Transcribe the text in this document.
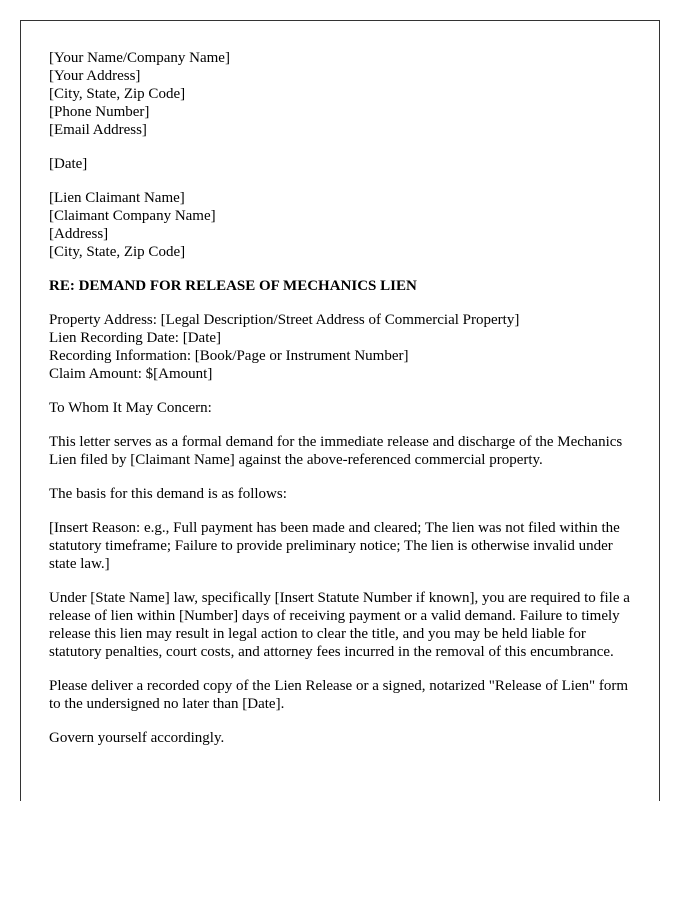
[Your Name/Company Name]
[Your Address]
[City, State, Zip Code]
[Phone Number]
[Email Address]
[Date]
[Lien Claimant Name]
[Claimant Company Name]
[Address]
[City, State, Zip Code]
RE: DEMAND FOR RELEASE OF MECHANICS LIEN
Property Address: [Legal Description/Street Address of Commercial Property]
Lien Recording Date: [Date]
Recording Information: [Book/Page or Instrument Number]
Claim Amount: $[Amount]

To Whom It May Concern:

This letter serves as a formal demand for the immediate release and discharge of the Mechanics Lien filed by [Claimant Name] against the above-referenced commercial property.

The basis for this demand is as follows:

[Insert Reason: e.g., Full payment has been made and cleared; The lien was not filed within the statutory timeframe; Failure to provide preliminary notice; The lien is otherwise invalid under state law.]

Under [State Name] law, specifically [Insert Statute Number if known], you are required to file a release of lien within [Number] days of receiving payment or a valid demand. Failure to timely release this lien may result in legal action to clear the title, and you may be held liable for statutory penalties, court costs, and attorney fees incurred in the removal of this encumbrance.

Please deliver a recorded copy of the Lien Release or a signed, notarized "Release of Lien" form to the undersigned no later than [Date].

Govern yourself accordingly.
